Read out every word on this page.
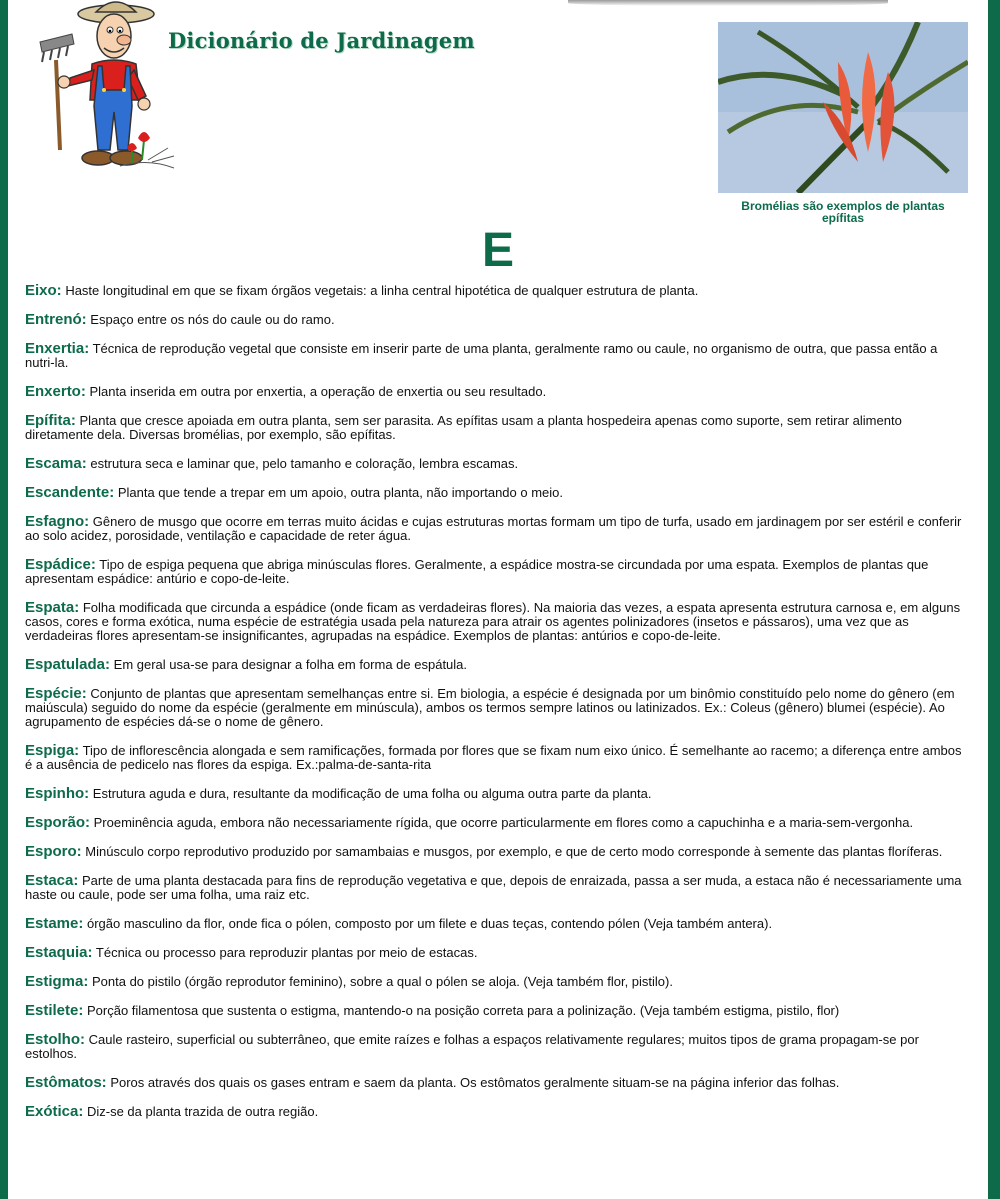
Dicionário de Jardinagem

Bromélias são exemplos de plantas epífitas

E

Eixo: Haste longitudinal em que se fixam órgãos vegetais: a linha central hipotética de qualquer estrutura de planta.

Entrenó: Espaço entre os nós do caule ou do ramo.

Enxertia: Técnica de reprodução vegetal que consiste em inserir parte de uma planta, geralmente ramo ou caule, no organismo de outra, que passa então a nutri-la.

Enxerto: Planta inserida em outra por enxertia, a operação de enxertia ou seu resultado.

Epífita: Planta que cresce apoiada em outra planta, sem ser parasita. As epífitas usam a planta hospedeira apenas como suporte, sem retirar alimento diretamente dela. Diversas bromélias, por exemplo, são epífitas.

Escama: estrutura seca e laminar que, pelo tamanho e coloração, lembra escamas.

Escandente: Planta que tende a trepar em um apoio, outra planta, não importando o meio.

Esfagno: Gênero de musgo que ocorre em terras muito ácidas e cujas estruturas mortas formam um tipo de turfa, usado em jardinagem por ser estéril e conferir ao solo acidez, porosidade, ventilação e capacidade de reter água.

Espádice: Tipo de espiga pequena que abriga minúsculas flores. Geralmente, a espádice mostra-se circundada por uma espata. Exemplos de plantas que apresentam espádice: antúrio e copo-de-leite.

Espata: Folha modificada que circunda a espádice (onde ficam as verdadeiras flores). Na maioria das vezes, a espata apresenta estrutura carnosa e, em alguns casos, cores e forma exótica, numa espécie de estratégia usada pela natureza para atrair os agentes polinizadores (insetos e pássaros), uma vez que as verdadeiras flores apresentam-se insignificantes, agrupadas na espádice. Exemplos de plantas: antúrios e copo-de-leite.

Espatulada: Em geral usa-se para designar a folha em forma de espátula.

Espécie: Conjunto de plantas que apresentam semelhanças entre si. Em biologia, a espécie é designada por um binômio constituído pelo nome do gênero (em maiúscula) seguido do nome da espécie (geralmente em minúscula), ambos os termos sempre latinos ou latinizados. Ex.: Coleus (gênero) blumei (espécie). Ao agrupamento de espécies dá-se o nome de gênero.

Espiga: Tipo de inflorescência alongada e sem ramificações, formada por flores que se fixam num eixo único. É semelhante ao racemo; a diferença entre ambos é a ausência de pedicelo nas flores da espiga. Ex.:palma-de-santa-rita

Espinho: Estrutura aguda e dura, resultante da modificação de uma folha ou alguma outra parte da planta.

Esporão: Proeminência aguda, embora não necessariamente rígida, que ocorre particularmente em flores como a capuchinha e a maria-sem-vergonha.

Esporo: Minúsculo corpo reprodutivo produzido por samambaias e musgos, por exemplo, e que de certo modo corresponde à semente das plantas floríferas.

Estaca: Parte de uma planta destacada para fins de reprodução vegetativa e que, depois de enraizada, passa a ser muda, a estaca não é necessariamente uma haste ou caule, pode ser uma folha, uma raiz etc.

Estame: órgão masculino da flor, onde fica o pólen, composto por um filete e duas teças, contendo pólen (Veja também antera).

Estaquia: Técnica ou processo para reproduzir plantas por meio de estacas.

Estigma: Ponta do pistilo (órgão reprodutor feminino), sobre a qual o pólen se aloja. (Veja também flor, pistilo).

Estilete: Porção filamentosa que sustenta o estigma, mantendo-o na posição correta para a polinização. (Veja também estigma, pistilo, flor)

Estolho: Caule rasteiro, superficial ou subterrâneo, que emite raízes e folhas a espaços relativamente regulares; muitos tipos de grama propagam-se por estolhos.

Estômatos: Poros através dos quais os gases entram e saem da planta. Os estômatos geralmente situam-se na página inferior das folhas.

Exótica: Diz-se da planta trazida de outra região.
